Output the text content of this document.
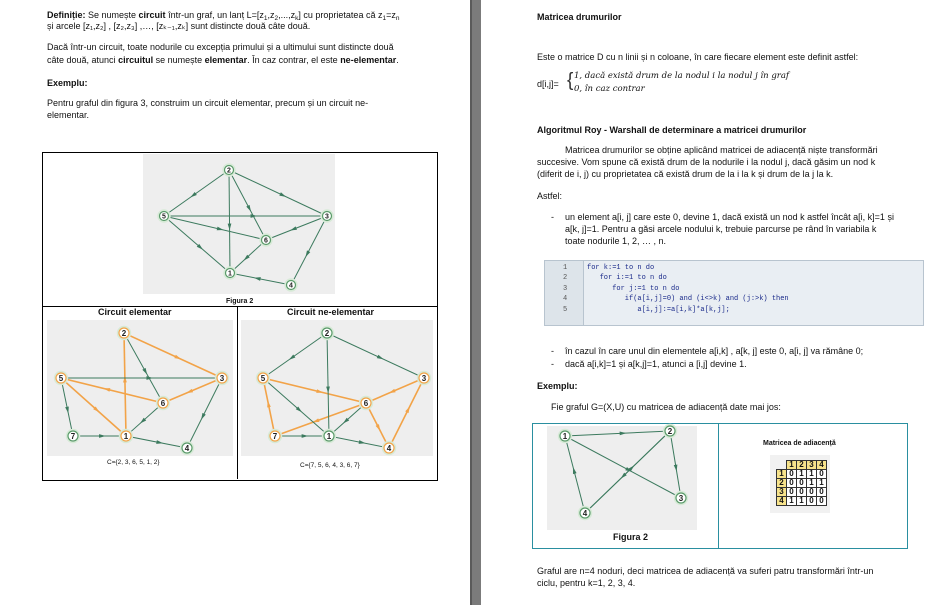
Definiție: Se numește circuit într-un graf, un lanț $L=[z_1,z_2,...,z_k]$ cu proprietatea că $z_1=z_n$
și arcele [z₁,z₂] , [z₂,z₃] ,…, [zₖ₋₁,zₖ] sunt distincte două câte două.
Dacă într-un circuit, toate nodurile cu excepția primului și a ultimului sunt distincte două
câte două, atunci circuitul se numește elementar. În caz contrar, el este ne-elementar.
Exemplu:
Pentru graful din figura 3, construim un circuit elementar, precum și un circuit ne-
elementar.
1
2
3
4
5
6
Figura 2
Circuit elementar	Circuit ne-elementar
1
2
3
4
5
6
7	1
2
3
4
5
6
7
C={2, 3, 6, 5, 1, 2}	C={7, 5, 6, 4, 3, 6, 7}
Matricea drumurilor
Este o matrice D cu n linii și n coloane, în care fiecare element este definit astfel:
d[i,j]= { 1, dacă există drum de la nodul i la nodul j în graf
0, în caz contrar
Algoritmul Roy - Warshall de determinare a matricei drumurilor
Matricea drumurilor se obține aplicând matricei de adiacență niște transformări
succesive. Vom spune că există drum de la nodurile i la nodul j, dacă găsim un nod k
(diferit de i, j) cu proprietatea că există drum de la i la k și drum de la j la k.
Astfel:
- un element a[i, j] care este 0, devine 1, dacă există un nod k astfel încât a[i, k]=1 și
a[k, j]=1. Pentru a găsi arcele nodului k, trebuie parcurse pe rând în variabila k
toate nodurile 1, 2, … , n.
1	for k:=1 to n do
2	for i:=1 to n do
3	for j:=1 to n do
4	if(a[i,j]=0) and (i<>k) and (j:>k) then
5	a[i,j]:=a[i,k]*a[k,j];
- în cazul în care unul din elementele a[i,k] , a[k, j] este 0, a[i, j] va rămâne 0;
- dacă a[i,k]=1 și a[k,j]=1, atunci a [i,j] devine 1.
Exemplu:
Fie graful G=(X,U) cu matricea de adiacență date mai jos:
1
2
3
4
Figura 2
Matricea de adiacență
	1	2	3	4
1	0	1	1	0
2	0	0	1	1
3	0	0	0	0
4	1	1	0	0
Graful are n=4 noduri, deci matricea de adiacență va suferi patru transformări într-un
ciclu, pentru k=1, 2, 3, 4.
